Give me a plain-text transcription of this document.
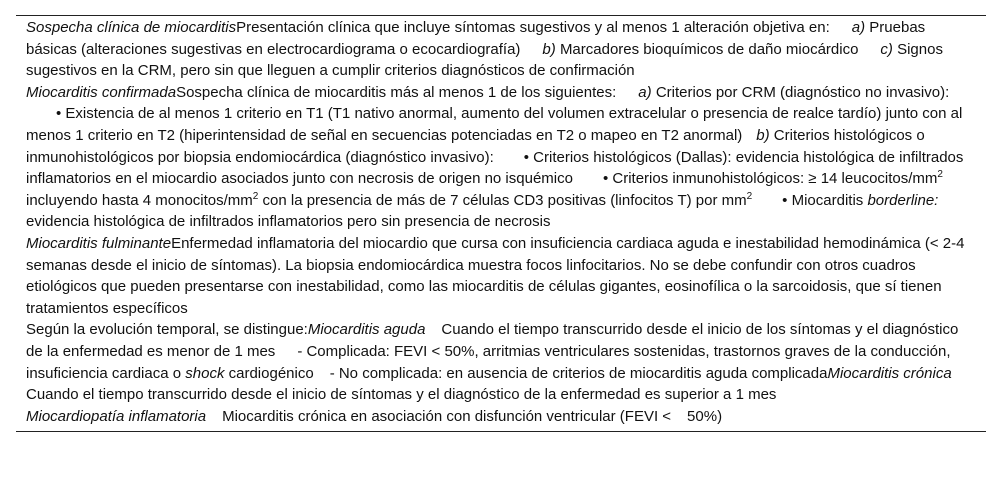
Sospecha clínica de miocarditisPresentación clínica que incluye síntomas sugestivos y al menos 1 alteración objetiva en: a) Pruebas básicas (alteraciones sugestivas en electrocardiograma o ecocardiografía) b) Marcadores bioquímicos de daño miocárdico c) Signos sugestivos en la CRM, pero sin que lleguen a cumplir criterios diagnósticos de confirmación

Miocarditis confirmadaSospecha clínica de miocarditis más al menos 1 de los siguientes: a) Criterios por CRM (diagnóstico no invasivo):• Existencia de al menos 1 criterio en T1 (T1 nativo anormal, aumento del volumen extracelular o presencia de realce tardío) junto con al menos 1 criterio en T2 (hiperintensidad de señal en secuencias potenciadas en T2 o mapeo en T2 anormal) b) Criterios histológicos o inmunohistológicos por biopsia endomiocárdica (diagnóstico invasivo): • Criterios histológicos (Dallas): evidencia histológica de infiltrados inflamatorios en el miocardio asociados junto con necrosis de origen no isquémico • Criterios inmunohistológicos: ≥ 14 leucocitos/$mm^2$ incluyendo hasta 4 monocitos/$mm^2$ con la presencia de más de 7 células CD3 positivas (linfocitos T) por $mm^2$ • Miocarditis borderline: evidencia histológica de infiltrados inflamatorios pero sin presencia de necrosis

Miocarditis fulminanteEnfermedad inflamatoria del miocardio que cursa con insuficiencia cardiaca aguda e inestabilidad hemodinámica (< 2-4 semanas desde el inicio de síntomas). La biopsia endomiocárdica muestra focos linfocitarios. No se debe confundir con otros cuadros etiológicos que pueden presentarse con inestabilidad, como las miocarditis de células gigantes, eosinofílica o la sarcoidosis, que sí tienen tratamientos específicos

Según la evolución temporal, se distingue:Miocarditis aguda Cuando el tiempo transcurrido desde el inicio de los síntomas y el diagnóstico de la enfermedad es menor de 1 mes - Complicada: FEVI < 50%, arritmias ventriculares sostenidas, trastornos graves de la conducción, insuficiencia cardiaca o shock cardiogénico - No complicada: en ausencia de criterios de miocarditis aguda complicadaMiocarditis crónicaCuando el tiempo transcurrido desde el inicio de síntomas y el diagnóstico de la enfermedad es superior a 1 mes

Miocardiopatía inflamatoria Miocarditis crónica en asociación con disfunción ventricular (FEVI < 50%)
